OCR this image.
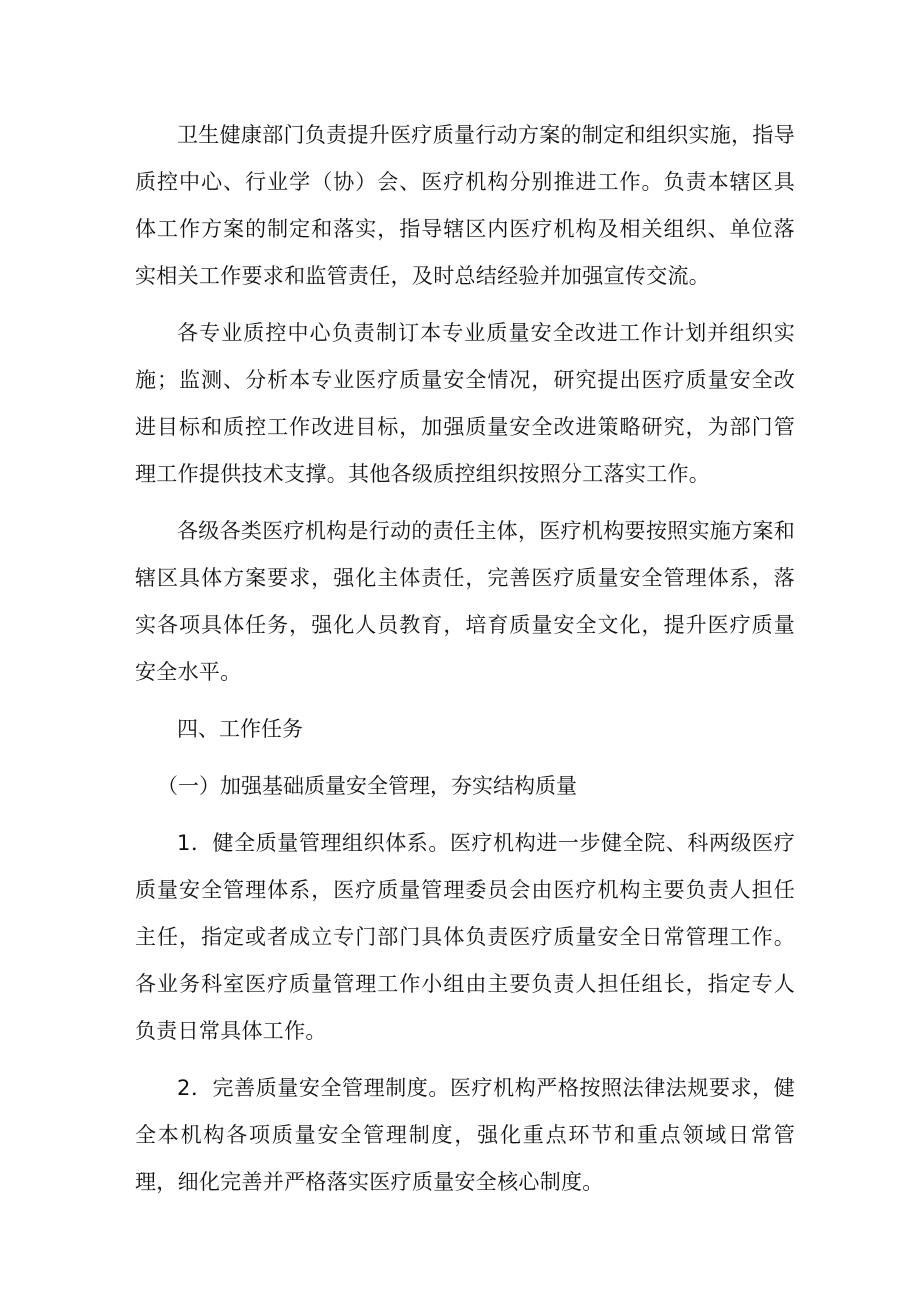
卫生健康部门负责提升医疗质量行动方案的制定和组织实施，指导质控中心、行业学（协）会、医疗机构分别推进工作。负责本辖区具体工作方案的制定和落实，指导辖区内医疗机构及相关组织、单位落实相关工作要求和监管责任，及时总结经验并加强宣传交流。

各专业质控中心负责制订本专业质量安全改进工作计划并组织实施；监测、分析本专业医疗质量安全情况，研究提出医疗质量安全改进目标和质控工作改进目标，加强质量安全改进策略研究，为部门管理工作提供技术支撑。其他各级质控组织按照分工落实工作。

各级各类医疗机构是行动的责任主体，医疗机构要按照实施方案和辖区具体方案要求，强化主体责任，完善医疗质量安全管理体系，落实各项具体任务，强化人员教育，培育质量安全文化，提升医疗质量安全水平。

四、工作任务

（一）加强基础质量安全管理，夯实结构质量

1．健全质量管理组织体系。医疗机构进一步健全院、科两级医疗质量安全管理体系，医疗质量管理委员会由医疗机构主要负责人担任主任，指定或者成立专门部门具体负责医疗质量安全日常管理工作。各业务科室医疗质量管理工作小组由主要负责人担任组长，指定专人负责日常具体工作。

2．完善质量安全管理制度。医疗机构严格按照法律法规要求，健全本机构各项质量安全管理制度，强化重点环节和重点领域日常管理，细化完善并严格落实医疗质量安全核心制度。
